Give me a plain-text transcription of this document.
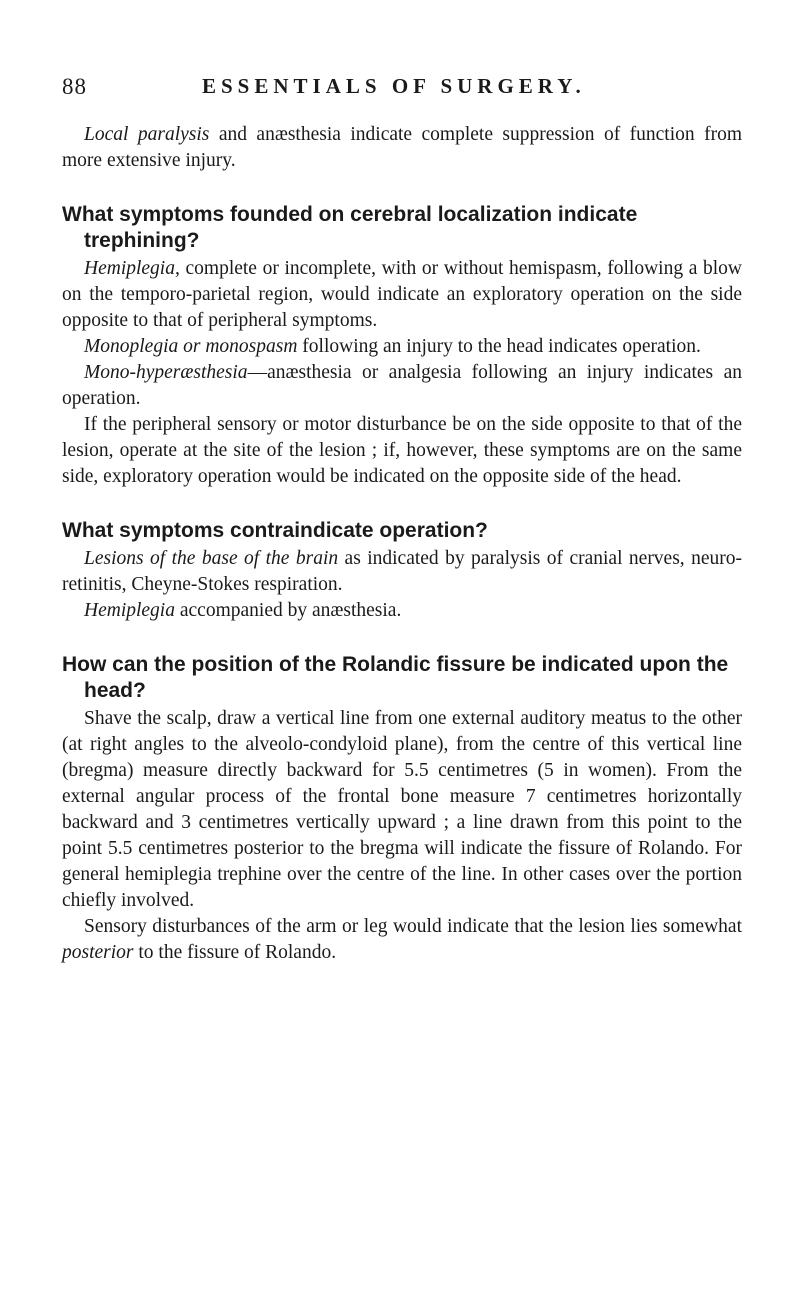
88	ESSENTIALS OF SURGERY.

Local paralysis and anæsthesia indicate complete suppression of function from more extensive injury.

What symptoms founded on cerebral localization indicate trephining?

Hemiplegia, complete or incomplete, with or without hemispasm, following a blow on the temporo-parietal region, would indicate an exploratory operation on the side opposite to that of peripheral symptoms.

Monoplegia or monospasm following an injury to the head indicates operation.

Mono-hyperæsthesia—anæsthesia or analgesia following an injury indicates an operation.

If the peripheral sensory or motor disturbance be on the side opposite to that of the lesion, operate at the site of the lesion ; if, however, these symptoms are on the same side, exploratory operation would be indicated on the opposite side of the head.

What symptoms contraindicate operation?

Lesions of the base of the brain as indicated by paralysis of cranial nerves, neuro-retinitis, Cheyne-Stokes respiration.

Hemiplegia accompanied by anæsthesia.

How can the position of the Rolandic fissure be indicated upon the head?

Shave the scalp, draw a vertical line from one external auditory meatus to the other (at right angles to the alveolo-condyloid plane), from the centre of this vertical line (bregma) measure directly backward for 5.5 centimetres (5 in women). From the external angular process of the frontal bone measure 7 centimetres horizontally backward and 3 centimetres vertically upward ; a line drawn from this point to the point 5.5 centimetres posterior to the bregma will indicate the fissure of Rolando. For general hemiplegia trephine over the centre of the line. In other cases over the portion chiefly involved.

Sensory disturbances of the arm or leg would indicate that the lesion lies somewhat posterior to the fissure of Rolando.
